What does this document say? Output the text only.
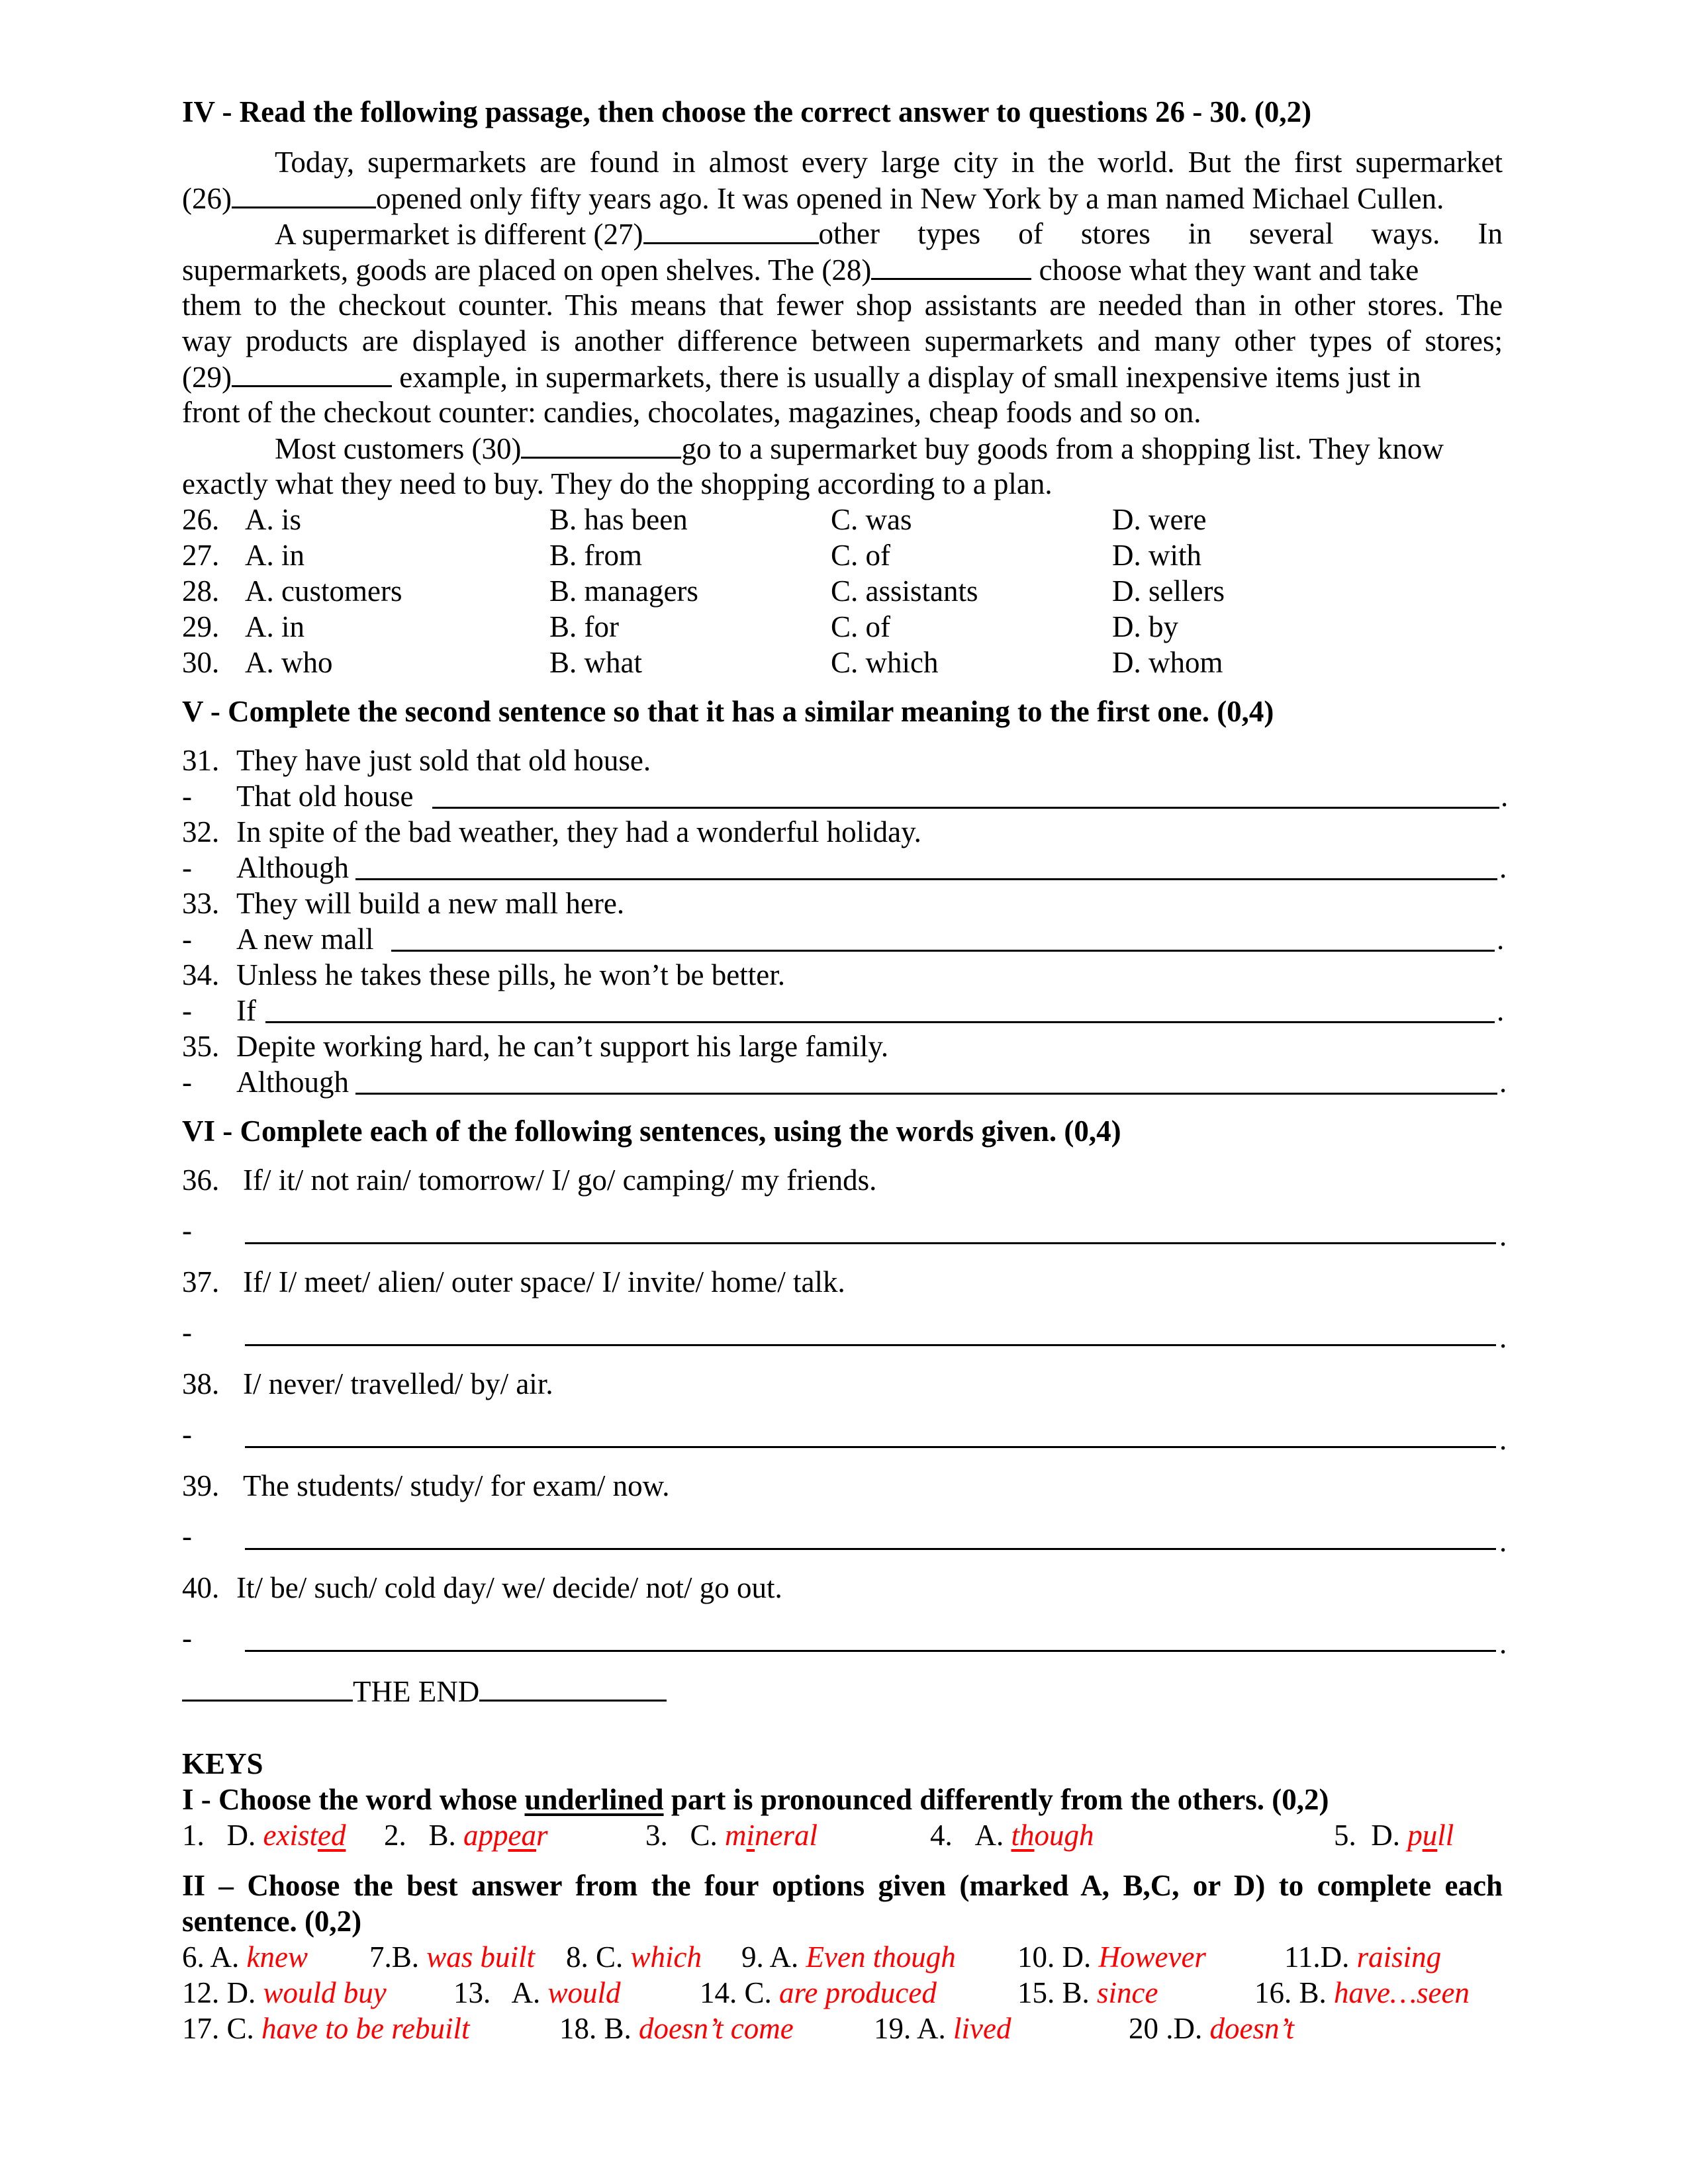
IV - Read the following passage, then choose the correct answer to questions 26 - 30. (0,2)
Today, supermarkets are found in almost every large city in the world. But the first supermarket
(26)	opened only fifty years ago. It was opened in New York by a man named Michael Cullen.
A supermarket is different (27)	other types of stores in several ways. In
supermarkets, goods are placed on open shelves. The (28)	choose what they want and take
them to the checkout counter. This means that fewer shop assistants are needed than in other stores. The
way products are displayed is another difference between supermarkets and many other types of stores;
(29)	example, in supermarkets, there is usually a display of small inexpensive items just in
front of the checkout counter: candies, chocolates, magazines, cheap foods and so on.
Most customers (30)	go to a supermarket buy goods from a shopping list. They know
exactly what they need to buy. They do the shopping according to a plan.
26. A. is	B. has been	C. was	D. were
27. A. in	B. from	C. of	D. with
28. A. customers	B. managers	C. assistants	D. sellers
29. A. in	B. for	C. of	D. by
30. A. who	B. what	C. which	D. whom
V - Complete the second sentence so that it has a similar meaning to the first one. (0,4)
31. They have just sold that old house.
- That old house	.
32. In spite of the bad weather, they had a wonderful holiday.
- Although	.
33. They will build a new mall here.
- A new mall	.
34. Unless he takes these pills, he won’t be better.
- If	.
35. Depite working hard, he can’t support his large family.
- Although	.
VI - Complete each of the following sentences, using the words given. (0,4)
36. If/ it/ not rain/ tomorrow/ I/ go/ camping/ my friends.
-	.
37. If/ I/ meet/ alien/ outer space/ I/ invite/ home/ talk.
-	.
38. I/ never/ travelled/ by/ air.
-	.
39. The students/ study/ for exam/ now.
-	.
40. It/ be/ such/ cold day/ we/ decide/ not/ go out.
-	.
THE END
KEYS
I - Choose the word whose underlined part is pronounced differently from the others. (0,2)
1. D. existed 2. B. appear	3. C. mineral	4. A. though	5. D. pull
II – Choose the best answer from the four options given (marked A, B,C, or D) to complete each
sentence. (0,2)
6. A. knew 7.B. was built 8. C. which 9. A. Even though 10. D. However	11.D. raising
12. D. would buy 13.   A. would	14. C. are produced	15. B. since	16. B. have…seen
17. C. have to be rebuilt	18. B. doesn’t come	19. A. lived	20 .D. doesn’t
